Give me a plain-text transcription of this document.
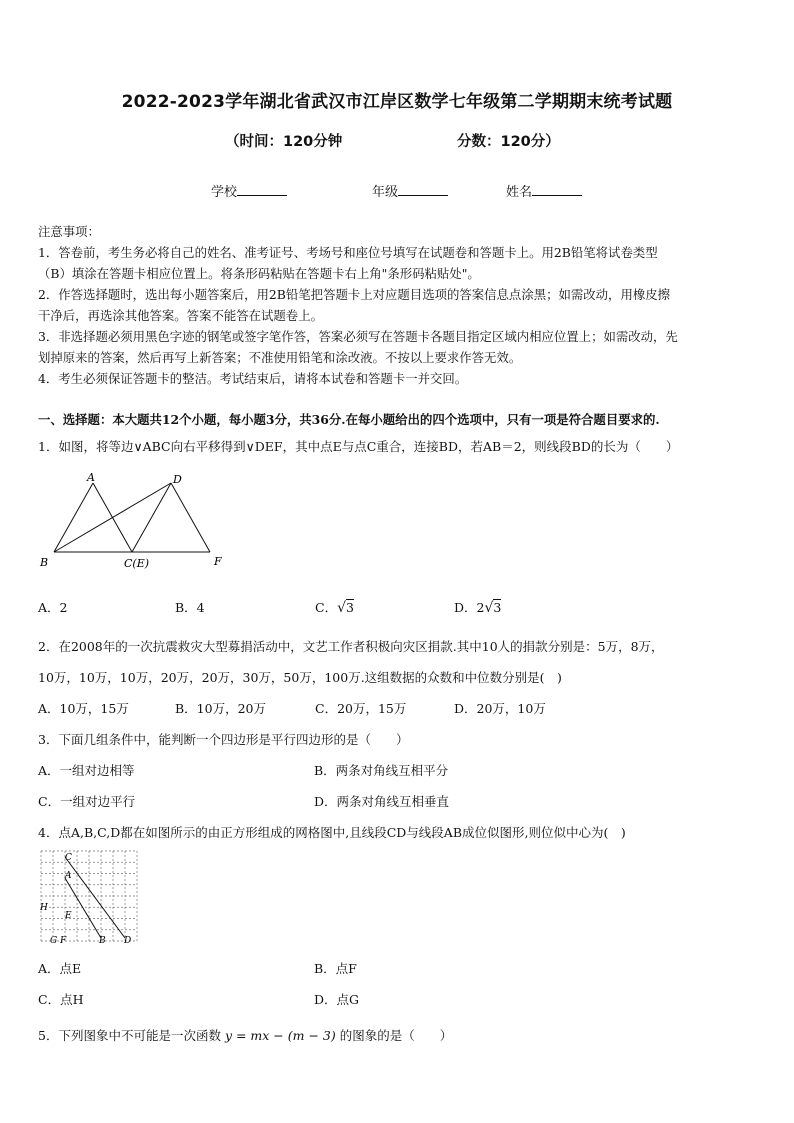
2022-2023学年湖北省武汉市江岸区数学七年级第二学期期末统考试题
（时间：120分钟	分数：120分）
学校	年级	姓名

注意事项：

1．答卷前，考生务必将自己的姓名、准考证号、考场号和座位号填写在试题卷和答题卡上。用2B铅笔将试卷类型

（B）填涂在答题卡相应位置上。将条形码粘贴在答题卡右上角"条形码粘贴处"。

2．作答选择题时，选出每小题答案后，用2B铅笔把答题卡上对应题目选项的答案信息点涂黑；如需改动，用橡皮擦

干净后，再选涂其他答案。答案不能答在试题卷上。

3．非选择题必须用黑色字迹的钢笔或签字笔作答，答案必须写在答题卡各题目指定区域内相应位置上；如需改动，先

划掉原来的答案，然后再写上新答案；不准使用铅笔和涂改液。不按以上要求作答无效。

4．考生必须保证答题卡的整洁。考试结束后，请将本试卷和答题卡一并交回。

一、选择题：本大题共12个小题，每小题3分，共36分.在每小题给出的四个选项中，只有一项是符合题目要求的.
1．如图，将等边∨ABC向右平移得到∨DEF，其中点E与点C重合，连接BD，若AB＝2，则线段BD的长为（　　）
A	D
B	C(E)	F
A．2	B．4	C．√3	D．2√3
2．在2008年的一次抗震救灾大型募捐活动中，文艺工作者积极向灾区捐款.其中10人的捐款分别是：5万，8万，
10万，10万，10万，20万，20万，30万，50万，100万.这组数据的众数和中位数分别是(　)
A．10万，15万	B．10万，20万	C．20万，15万	D．20万，10万
3．下面几组条件中，能判断一个四边形是平行四边形的是（　　）
A．一组对边相等	B．两条对角线互相平分
C．一组对边平行	D．两条对角线互相垂直
4．点A,B,C,D都在如图所示的由正方形组成的网格图中,且线段CD与线段AB成位似图形,则位似中心为(　)
C
A
H
E
G F	B D
A．点E	B．点F
C．点H	D．点G
5．下列图象中不可能是一次函数 y = mx − (m − 3) 的图象的是（　　）
